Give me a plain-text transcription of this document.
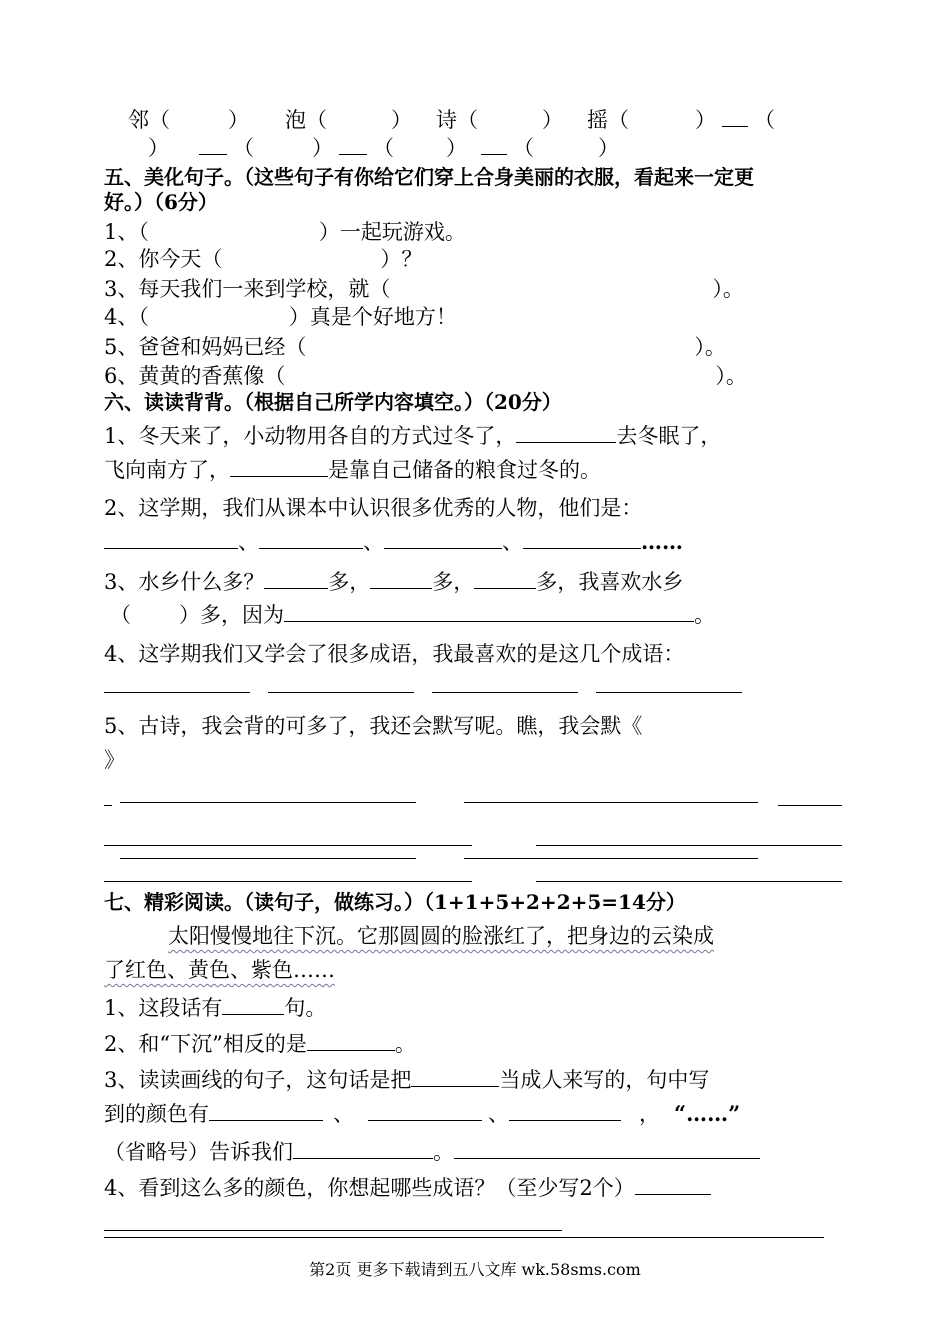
邻（	） 泡（	） 诗（	） 摇（	） （
）	（	） （ ） （	）
五、美化句子。（这些句子有你给它们穿上合身美丽的衣服，看起来一定更
好。）（6分）
1、（	）一起玩游戏。
2、你今天（	）？
3、每天我们一来到学校，就（	）。
4、（	）真是个好地方！
5、爸爸和妈妈已经（	）。
6、黄黄的香蕉像（	）。
六、读读背背。（根据自己所学内容填空。）（20分）
1、冬天来了，小动物用各自的方式过冬了，	去冬眠了，
飞向南方了，	是靠自己储备的粮食过冬的。
2、这学期，我们从课本中认识很多优秀的人物，他们是：
、	、	、	……
3、水乡什么多？	多，	多，	多，我喜欢水乡
（ ）多，因为	。
4、这学期我们又学会了很多成语，我最喜欢的是这几个成语：
5、古诗，我会背的可多了，我还会默写呢。瞧，我会默《
》
七、精彩阅读。（读句子，做练习。）（1+1+5+2+2+5=14分）
太阳慢慢地往下沉。它那圆圆的脸涨红了，把身边的云染成
了红色、黄色、紫色……
1、这段话有	句。
2、和“下沉”相反的是	。
3、读读画线的句子，这句话是把	当成人来写的，句中写
到的颜色有	、	、	， “……”
（省略号）告诉我们	。
4、看到这么多的颜色，你想起哪些成语？（至少写2个）
第2页 更多下载请到五八文库 wk.58sms.com
